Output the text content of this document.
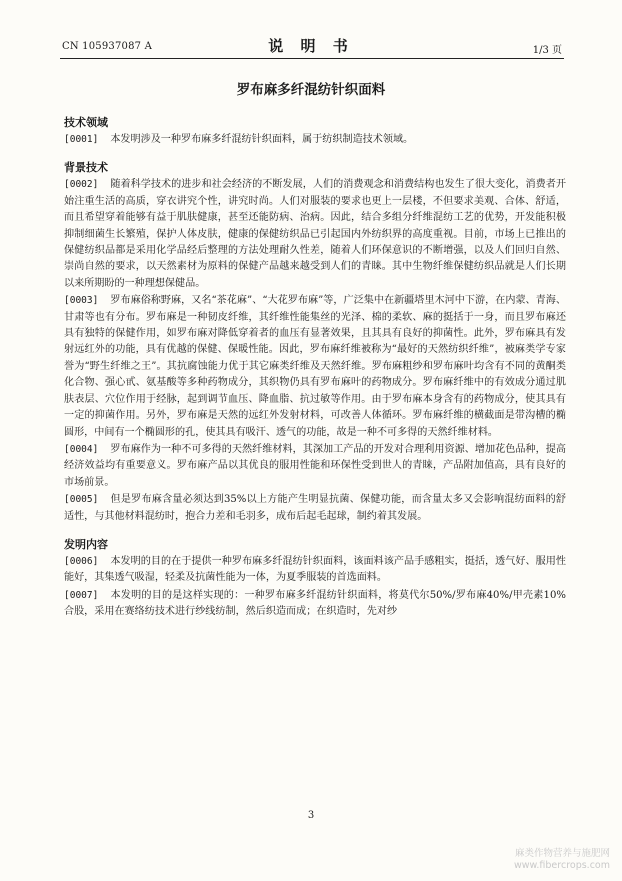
CN 105937087 A	说 明 书	1/3 页
罗布麻多纤混纺针织面料
技术领域
[0001] 本发明涉及一种罗布麻多纤混纺针织面料，属于纺织制造技术领域。
背景技术
[0002] 随着科学技术的进步和社会经济的不断发展，人们的消费观念和消费结构也发生了很大变化，消费者开始注重生活的高质，穿衣讲究个性，讲究时尚。人们对服装的要求也更上一层楼，不但要求美观、合体、舒适，而且希望穿着能够有益于肌肤健康，甚至还能防病、治病。因此，结合多组分纤维混纺工艺的优势，开发能积极抑制细菌生长繁殖，保护人体皮肤，健康的保健纺织品已引起国内外纺织界的高度重视。目前，市场上已推出的保健纺织品都是采用化学品经后整理的方法处理耐久性差，随着人们环保意识的不断增强，以及人们回归自然、崇尚自然的要求，以天然素材为原料的保健产品越来越受到人们的青睐。其中生物纤维保健纺织品就是人们长期以来所期盼的一种理想保健品。
[0003] 罗布麻俗称野麻，又名“茶花麻”、“大花罗布麻”等，广泛集中在新疆塔里木河中下游，在内蒙、青海、甘肃等也有分布。罗布麻是一种韧皮纤维，其纤维性能集丝的光泽、棉的柔软、麻的挺括于一身，而且罗布麻还具有独特的保健作用，如罗布麻对降低穿着者的血压有显著效果，且其具有良好的抑菌性。此外，罗布麻具有发射远红外的功能，具有优越的保健、保暖性能。因此，罗布麻纤维被称为“最好的天然纺织纤维”，被麻类学专家誉为“野生纤维之王”。其抗腐蚀能力优于其它麻类纤维及天然纤维。罗布麻粗纱和罗布麻叶均含有不同的黄酮类化合物、强心甙、氨基酸等多种药物成分，其织物仍具有罗布麻叶的药物成分。罗布麻纤维中的有效成分通过肌肤表层、穴位作用于经脉，起到调节血压、降血脂、抗过敏等作用。由于罗布麻本身含有的药物成分，使其具有一定的抑菌作用。另外，罗布麻是天然的远红外发射材料，可改善人体循环。罗布麻纤维的横截面是带沟槽的椭圆形，中间有一个椭圆形的孔，使其具有吸汗、透气的功能，故是一种不可多得的天然纤维材料。
[0004] 罗布麻作为一种不可多得的天然纤维材料，其深加工产品的开发对合理利用资源、增加花色品种，提高经济效益均有重要意义。罗布麻产品以其优良的服用性能和环保性受到世人的青睐，产品附加值高，具有良好的市场前景。
[0005] 但是罗布麻含量必须达到35%以上方能产生明显抗菌、保健功能，而含量太多又会影响混纺面料的舒适性，与其他材料混纺时，抱合力差和毛羽多，成布后起毛起球，制约着其发展。
发明内容
[0006] 本发明的目的在于提供一种罗布麻多纤混纺针织面料，该面料该产品手感粗实，挺括，透气好、服用性能好，其集透气吸湿，轻柔及抗菌性能为一体，为夏季服装的首选面料。
[0007] 本发明的目的是这样实现的：一种罗布麻多纤混纺针织面料，将莫代尔50%/罗布麻40%/甲壳素10%合股，采用在赛络纺技术进行纱线纺制，然后织造而成；在织造时，先对纱
3
麻类作物营养与施肥网
www.fibercrops.com
